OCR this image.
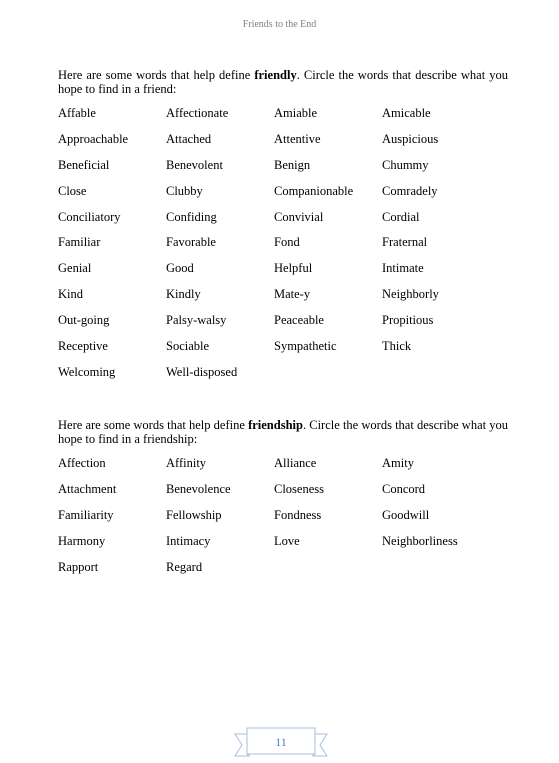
Friends to the End

Here are some words that help define friendly. Circle the words that describe what you hope to find in a friend:

Affable	Affectionate	Amiable	Amicable
Approachable	Attached	Attentive	Auspicious
Beneficial	Benevolent	Benign	Chummy
Close	Clubby	Companionable	Comradely
Conciliatory	Confiding	Convivial	Cordial
Familiar	Favorable	Fond	Fraternal
Genial	Good	Helpful	Intimate
Kind	Kindly	Mate-y	Neighborly
Out-going	Palsy-walsy	Peaceable	Propitious
Receptive	Sociable	Sympathetic	Thick
Welcoming	Well-disposed

Here are some words that help define friendship. Circle the words that describe what you hope to find in a friendship:

Affection	Affinity	Alliance	Amity
Attachment	Benevolence	Closeness	Concord
Familiarity	Fellowship	Fondness	Goodwill
Harmony	Intimacy	Love	Neighborliness
Rapport	Regard
11
